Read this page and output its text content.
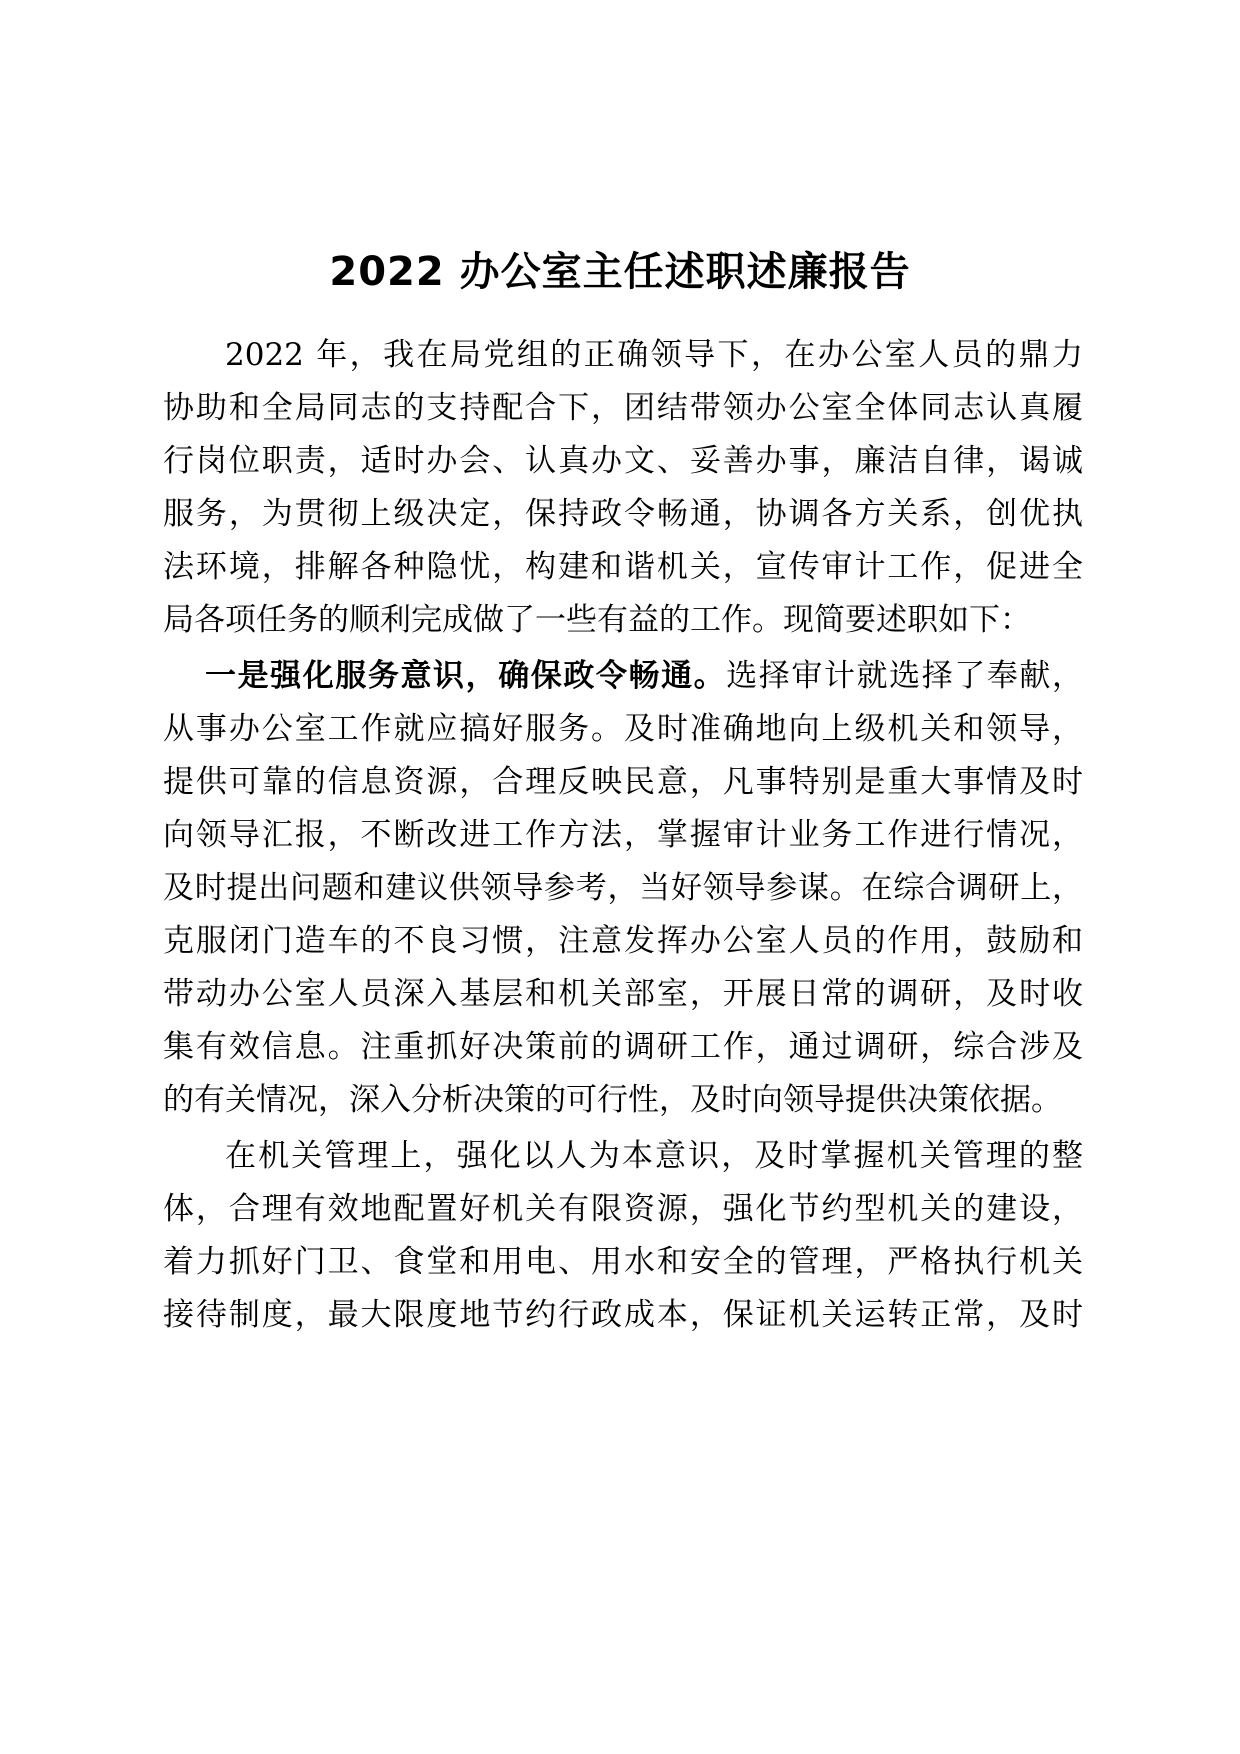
2022 办公室主任述职述廉报告
2022 年，我在局党组的正确领导下，在办公室人员的鼎力
协助和全局同志的支持配合下，团结带领办公室全体同志认真履
行岗位职责，适时办会、认真办文、妥善办事，廉洁自律，谒诚
服务，为贯彻上级决定，保持政令畅通，协调各方关系，创优执
法环境，排解各种隐忧，构建和谐机关，宣传审计工作，促进全
局各项任务的顺利完成做了一些有益的工作。现简要述职如下：
一是强化服务意识，确保政令畅通。选择审计就选择了奉献，
从事办公室工作就应搞好服务。及时准确地向上级机关和领导，
提供可靠的信息资源，合理反映民意，凡事特别是重大事情及时
向领导汇报，不断改进工作方法，掌握审计业务工作进行情况，
及时提出问题和建议供领导参考，当好领导参谋。在综合调研上，
克服闭门造车的不良习惯，注意发挥办公室人员的作用，鼓励和
带动办公室人员深入基层和机关部室，开展日常的调研，及时收
集有效信息。注重抓好决策前的调研工作，通过调研，综合涉及
的有关情况，深入分析决策的可行性，及时向领导提供决策依据。
在机关管理上，强化以人为本意识，及时掌握机关管理的整
体，合理有效地配置好机关有限资源，强化节约型机关的建设，
着力抓好门卫、食堂和用电、用水和安全的管理，严格执行机关
接待制度，最大限度地节约行政成本，保证机关运转正常，及时
